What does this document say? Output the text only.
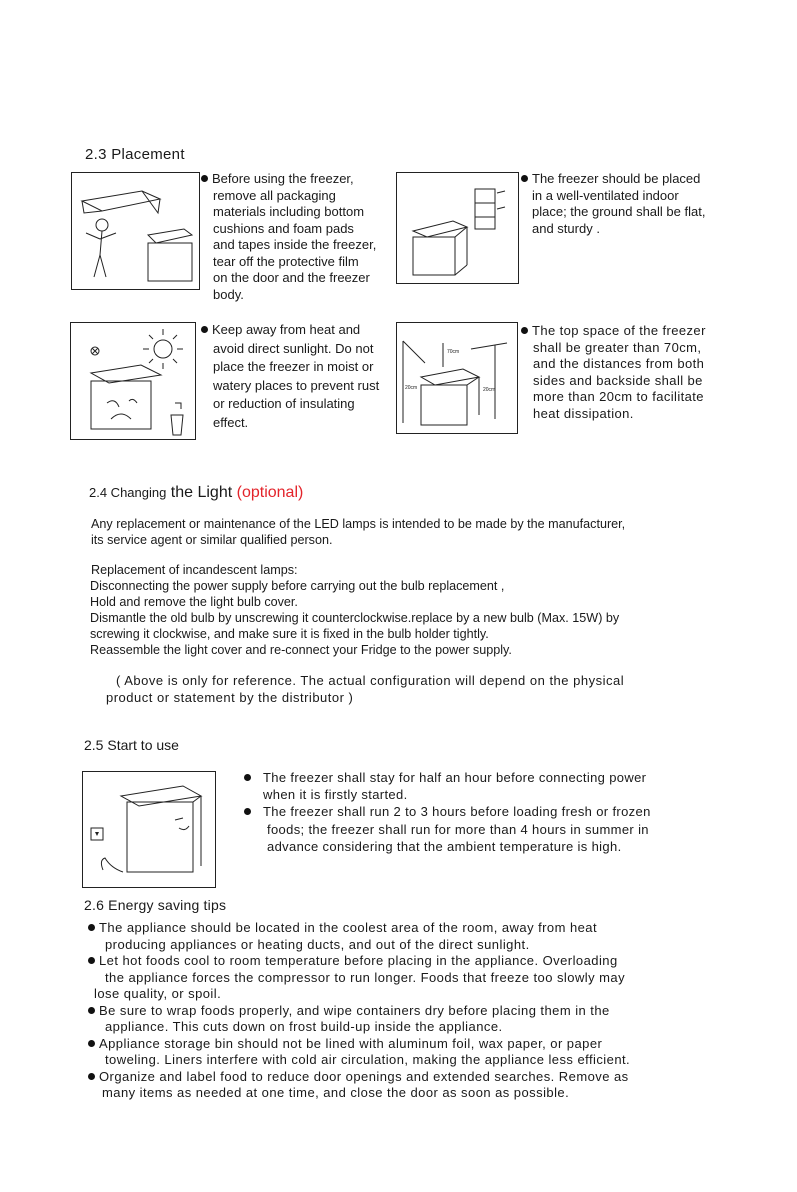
2.3 Placement
Before using the freezer,
remove all packaging
materials including bottom
cushions and foam pads
and tapes inside the freezer,
tear off the protective film
on the door and the freezer
body.
The freezer should be placed
in a well-ventilated indoor
place; the ground shall be flat,
and sturdy .
Keep away from heat and
avoid direct sunlight. Do not
place the freezer in moist or
watery places to prevent rust
or reduction of insulating
effect.
70cm
20cm	20cm
The top space of the freezer
shall be greater than 70cm,
and the distances from both
sides and backside shall be
more than 20cm to facilitate
heat dissipation.
2.4 Changing the Light (optional)
Any replacement or maintenance of the LED lamps is intended to be made by the manufacturer,
its service agent or similar qualified person.
Replacement of incandescent lamps:
Disconnecting the power supply before carrying out the bulb replacement ,
Hold and remove the light bulb cover.
Dismantle the old bulb by unscrewing it counterclockwise.replace by a new bulb (Max. 15W) by
screwing it clockwise, and make sure it is fixed in the bulb holder tightly.
Reassemble the light cover and re-connect your Fridge to the power supply.
( Above is only for reference. The actual configuration will depend on the physical
product or statement by the distributor )
2.5 Start to use
The freezer shall stay for half an hour before connecting power
when it is firstly started.
The freezer shall run 2 to 3 hours before loading fresh or frozen
foods; the freezer shall run for more than 4 hours in summer in
advance considering that the ambient temperature is high.
2.6 Energy saving tips
The appliance should be located in the coolest area of the room, away from heat
producing appliances or heating ducts, and out of the direct sunlight.
Let hot foods cool to room temperature before placing in the appliance. Overloading
the appliance forces the compressor to run longer. Foods that freeze too slowly may
lose quality, or spoil.
Be sure to wrap foods properly, and wipe containers dry before placing them in the
appliance. This cuts down on frost build-up inside the appliance.
Appliance storage bin should not be lined with aluminum foil, wax paper, or paper
toweling. Liners interfere with cold air circulation, making the appliance less efficient.
Organize and label food to reduce door openings and extended searches. Remove as
many items as needed at one time, and close the door as soon as possible.
